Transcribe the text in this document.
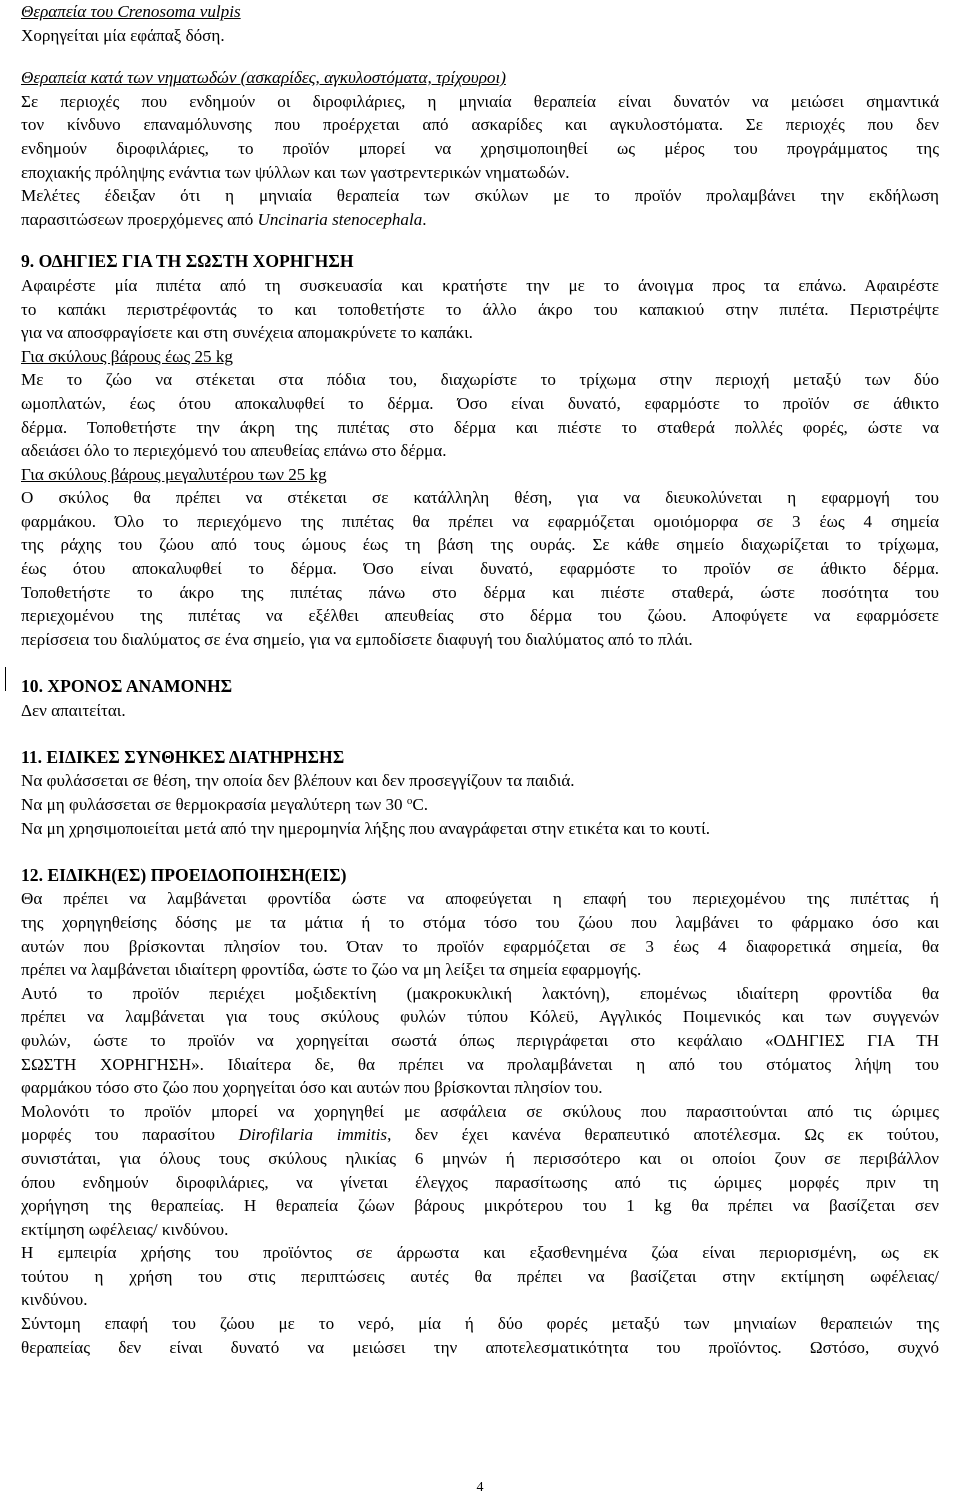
Θεραπεία του Crenosoma vulpis
Χορηγείται μία εφάπαξ δόση.
Θεραπεία κατά των νηματωδών (ασκαρίδες, αγκυλοστόματα, τρίχουροι)
Σε περιοχές που ενδημούν οι διροφιλάριες, η μηνιαία θεραπεία είναι δυνατόν να μειώσει σημαντικά
τον κίνδυνο επαναμόλυνσης που προέρχεται από ασκαρίδες και αγκυλοστόματα. Σε περιοχές που δεν
ενδημούν διροφιλάριες, το προϊόν μπορεί να χρησιμοποιηθεί ως μέρος του προγράμματος της
εποχιακής πρόληψης ενάντια των ψύλλων και των γαστρεντερικών νηματωδών.
Μελέτες έδειξαν ότι η μηνιαία θεραπεία των σκύλων με το προϊόν προλαμβάνει την εκδήλωση
παρασιτώσεων προερχόμενες από Uncinaria stenocephala.
9. ΟΔΗΓΙΕΣ ΓΙΑ ΤΗ ΣΩΣΤΗ ΧΟΡΗΓΗΣΗ
Αφαιρέστε μία πιπέτα από τη συσκευασία και κρατήστε την με το άνοιγμα προς τα επάνω. Αφαιρέστε
το καπάκι περιστρέφοντάς το και τοποθετήστε το άλλο άκρο του καπακιού στην πιπέτα. Περιστρέψτε
για να αποσφραγίσετε και στη συνέχεια απομακρύνετε το καπάκι.
Για σκύλους βάρους έως 25 kg
Με το ζώο να στέκεται στα πόδια του, διαχωρίστε το τρίχωμα στην περιοχή μεταξύ των δύο
ωμοπλατών, έως ότου αποκαλυφθεί το δέρμα. Όσο είναι δυνατό, εφαρμόστε το προϊόν σε άθικτο
δέρμα. Τοποθετήστε την άκρη της πιπέτας στο δέρμα και πιέστε το σταθερά πολλές φορές, ώστε να
αδειάσει όλο το περιεχόμενό του απευθείας επάνω στο δέρμα.
Για σκύλους βάρους μεγαλυτέρου των 25 kg
Ο σκύλος θα πρέπει να στέκεται σε κατάλληλη θέση, για να διευκολύνεται η εφαρμογή του
φαρμάκου. Όλο το περιεχόμενο της πιπέτας θα πρέπει να εφαρμόζεται ομοιόμορφα σε 3 έως 4 σημεία
της ράχης του ζώου από τους ώμους έως τη βάση της ουράς. Σε κάθε σημείο διαχωρίζεται το τρίχωμα,
έως ότου αποκαλυφθεί το δέρμα. Όσο είναι δυνατό, εφαρμόστε το προϊόν σε άθικτο δέρμα.
Τοποθετήστε το άκρο της πιπέτας πάνω στο δέρμα και πιέστε σταθερά, ώστε ποσότητα του
περιεχομένου της πιπέτας να εξέλθει απευθείας στο δέρμα του ζώου. Αποφύγετε να εφαρμόσετε
περίσσεια του διαλύματος σε ένα σημείο, για να εμποδίσετε διαφυγή του διαλύματος από το πλάι.
10. ΧΡΟΝΟΣ ΑΝΑΜΟΝΗΣ
Δεν απαιτείται.
11. ΕΙΔΙΚΕΣ ΣΥΝΘΗΚΕΣ ΔΙΑΤΗΡΗΣΗΣ
Να φυλάσσεται σε θέση, την οποία δεν βλέπουν και δεν προσεγγίζουν τα παιδιά.
Να μη φυλάσσεται σε θερμοκρασία μεγαλύτερη των 30 $^o$C.
Να μη χρησιμοποιείται μετά από την ημερομηνία λήξης που αναγράφεται στην ετικέτα και το κουτί.
12. ΕΙΔΙΚΗ(ΕΣ) ΠΡΟΕΙΔΟΠΟΙΗΣΗ(ΕΙΣ)
Θα πρέπει να λαμβάνεται φροντίδα ώστε να αποφεύγεται η επαφή του περιεχομένου της πιπέττας ή
της χορηγηθείσης δόσης με τα μάτια ή το στόμα τόσο του ζώου που λαμβάνει το φάρμακο όσο και
αυτών που βρίσκονται πλησίον του. Όταν το προϊόν εφαρμόζεται σε 3 έως 4 διαφορετικά σημεία, θα
πρέπει να λαμβάνεται ιδιαίτερη φροντίδα, ώστε το ζώο να μη λείξει τα σημεία εφαρμογής.
Αυτό το προϊόν περιέχει μοξιδεκτίνη (μακροκυκλική λακτόνη), επομένως ιδιαίτερη φροντίδα θα
πρέπει να λαμβάνεται για τους σκύλους φυλών τύπου Κόλεϋ, Αγγλικός Ποιμενικός και των συγγενών
φυλών, ώστε το προϊόν να χορηγείται σωστά όπως περιγράφεται στο κεφάλαιο «ΟΔΗΓΙΕΣ ΓΙΑ ΤΗ
ΣΩΣΤΗ ΧΟΡΗΓΗΣΗ». Ιδιαίτερα δε, θα πρέπει να προλαμβάνεται η από του στόματος λήψη του
φαρμάκου τόσο στο ζώο που χορηγείται όσο και αυτών που βρίσκονται πλησίον του.
Μολονότι το προϊόν μπορεί να χορηγηθεί με ασφάλεια σε σκύλους που παρασιτούνται από τις ώριμες
μορφές του παρασίτου Dirofilaria immitis, δεν έχει κανένα θεραπευτικό αποτέλεσμα. Ως εκ τούτου,
συνιστάται, για όλους τους σκύλους ηλικίας 6 μηνών ή περισσότερο και οι οποίοι ζουν σε περιβάλλον
όπου ενδημούν διροφιλάριες, να γίνεται έλεγχος παρασίτωσης από τις ώριμες μορφές πριν τη
χορήγηση της θεραπείας. Η θεραπεία ζώων βάρους μικρότερου του 1 kg θα πρέπει να βασίζεται σεν
εκτίμηση ωφέλειας/ κινδύνου.
Η εμπειρία χρήσης του προϊόντος σε άρρωστα και εξασθενημένα ζώα είναι περιορισμένη, ως εκ
τούτου η χρήση του στις περιπτώσεις αυτές θα πρέπει να βασίζεται στην εκτίμηση ωφέλειας/
κινδύνου.
Σύντομη επαφή του ζώου με το νερό, μία ή δύο φορές μεταξύ των μηνιαίων θεραπειών της
θεραπείας δεν είναι δυνατό να μειώσει την αποτελεσματικότητα του προϊόντος. Ωστόσο, συχνό
4
